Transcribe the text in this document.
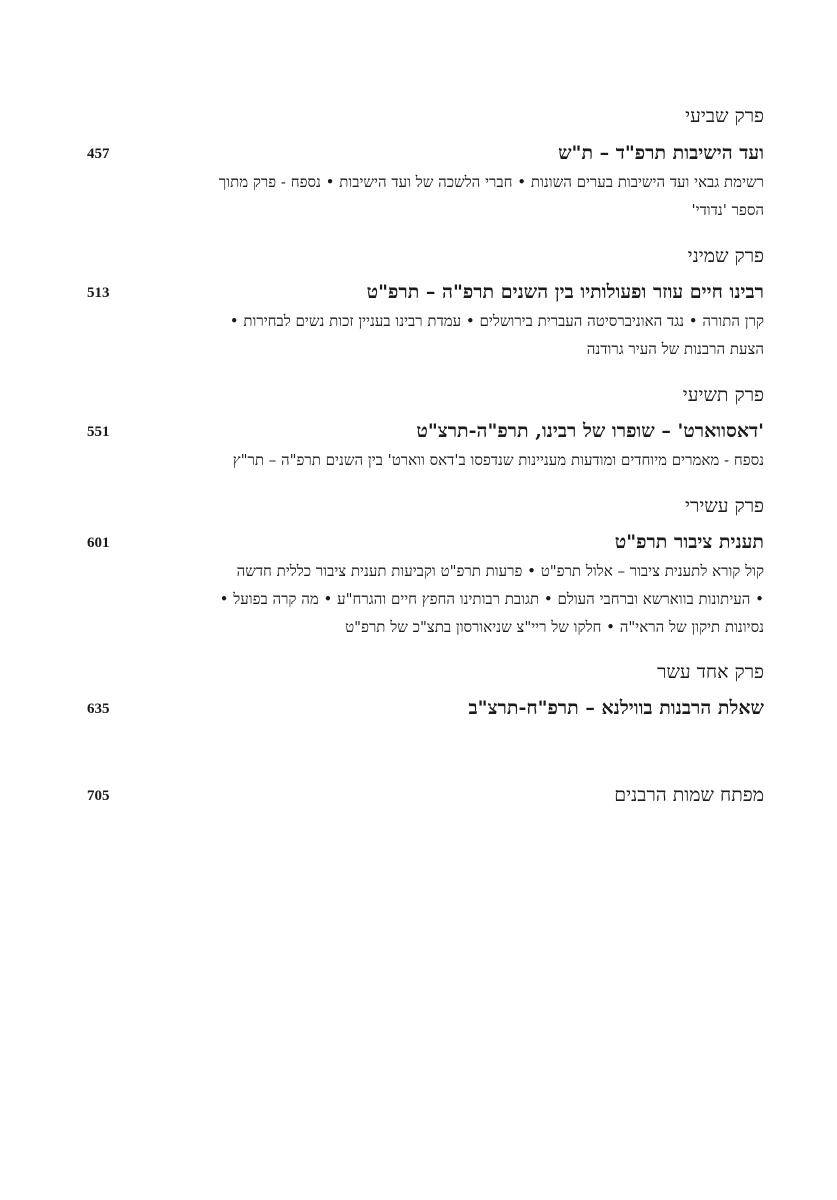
פרק שביעי
ועד הישיבות תרפ"ד – ת"ש
457
רשימת גבאי ועד הישיבות בערים השונות • חברי הלשכה של ועד הישיבות • נספח - פרק מתוך
הספר 'נדודי'
פרק שמיני
רבינו חיים עוזר ופעולותיו בין השנים תרפ"ה – תרפ"ט
513
קרן התורה • נגד האוניברסיטה העברית בירושלים • עמדת רבינו בעניין זכות נשים לבחירות •
הצעת הרבנות של העיר גרודנה
פרק תשיעי
'דאסווארט' – שופרו של רבינו, תרפ"ה-תרצ"ט
551
נספח - מאמרים מיוחדים ומודעות מעניינות שנדפסו ב'דאס ווארט' בין השנים תרפ"ה – תר"ץ
פרק עשירי
תענית ציבור תרפ"ט
601
קול קורא לתענית ציבור – אלול תרפ"ט • פרעות תרפ"ט וקביעות תענית ציבור כללית חדשה
• העיתונות בווארשא וברחבי העולם • תגובת רבותינו החפץ חיים והגרח"ע • מה קרה בפועל •
נסיונות תיקון של הראי"ה • חלקו של ריי"צ שניאורסון בתצ"כ של תרפ"ט
פרק אחד עשר
שאלת הרבנות בווילנא – תרפ"ח-תרצ"ב
635
מפתח שמות הרבנים
705
